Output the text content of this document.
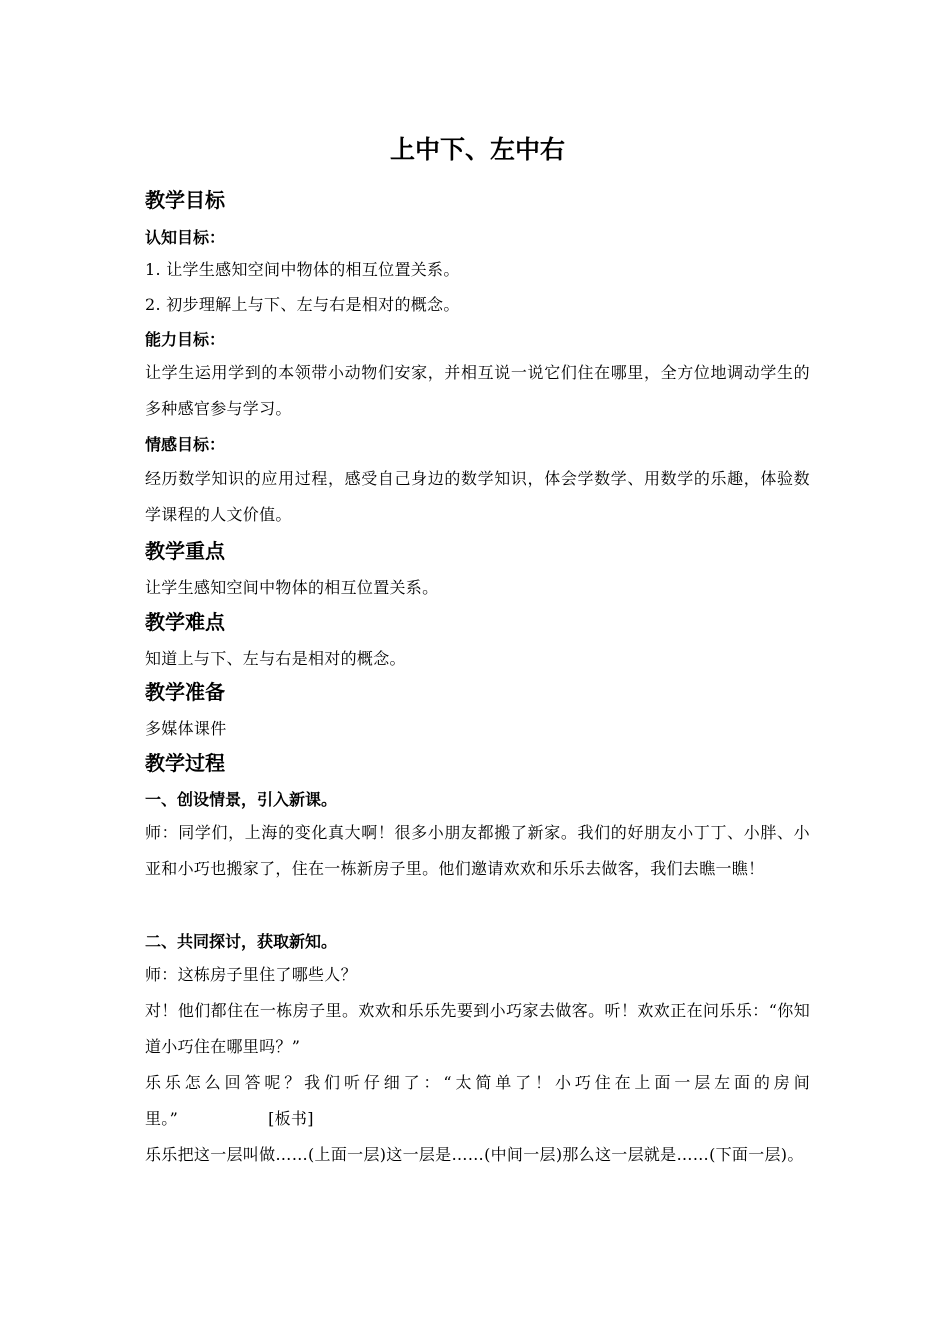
上中下、左中右
教学目标
认知目标：

1. 让学生感知空间中物体的相互位置关系。

2. 初步理解上与下、左与右是相对的概念。

能力目标：

让学生运用学到的本领带小动物们安家，并相互说一说它们住在哪里，全方位地调动学生的多种感官参与学习。

情感目标：

经历数学知识的应用过程，感受自己身边的数学知识，体会学数学、用数学的乐趣，体验数学课程的人文价值。

教学重点

让学生感知空间中物体的相互位置关系。

教学难点

知道上与下、左与右是相对的概念。

教学准备

多媒体课件

教学过程
一、创设情景，引入新课。

师：同学们，上海的变化真大啊！很多小朋友都搬了新家。我们的好朋友小丁丁、小胖、小亚和小巧也搬家了，住在一栋新房子里。他们邀请欢欢和乐乐去做客，我们去瞧一瞧！

二、共同探讨，获取新知。

师：这栋房子里住了哪些人？

对！他们都住在一栋房子里。欢欢和乐乐先要到小巧家去做客。听！欢欢正在问乐乐：“你知道小巧住在哪里吗？”

乐乐怎么回答呢？我们听仔细了：“太简单了！小巧住在上面一层左面的房间里。”	[板书]

乐乐把这一层叫做……(上面一层)这一层是……(中间一层)那么这一层就是……(下面一层)。
